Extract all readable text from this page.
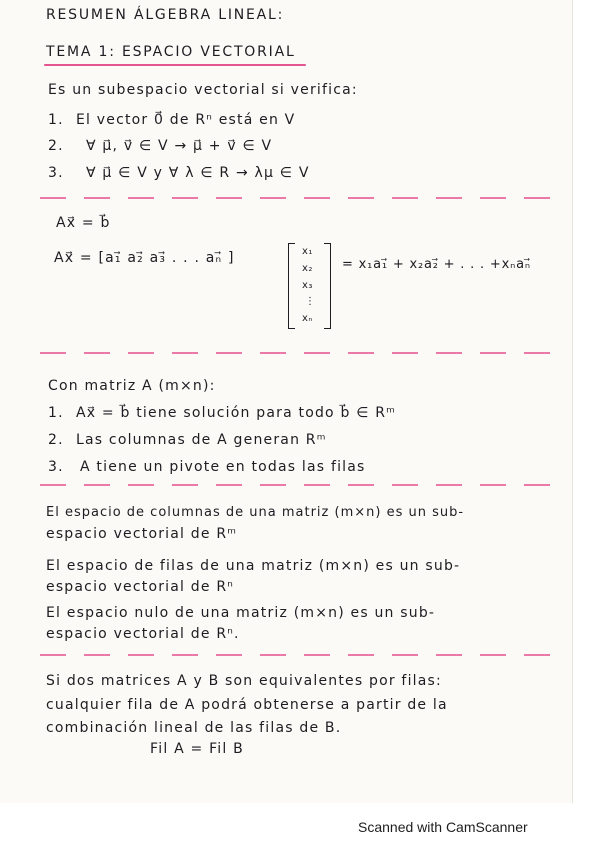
RESUMEN ÁLGEBRA LINEAL:

TEMA 1: ESPACIO VECTORIAL

Es un subespacio vectorial si verifica:

1. El vector 0⃗ de Rⁿ está en V

2. ∀ μ⃗, v⃗ ∈ V → μ⃗ + v⃗ ∈ V

3. ∀ μ⃗ ∈ V y ∀ λ ∈ R → λμ ∈ V

Ax⃗ = b⃗

Ax⃗ = [a₁⃗ a₂⃗ a₃⃗ . . . aₙ⃗ ]	x₁

x₂

x₃

⋮

xₙ

= x₁a₁⃗ + x₂a₂⃗ + . . . +xₙaₙ⃗

Con matriz A (m×n):

1. Ax⃗ = b⃗ tiene solución para todo b⃗ ∈ Rᵐ

2. Las columnas de A generan Rᵐ

3. A tiene un pivote en todas las filas

El espacio de columnas de una matriz (m×n) es un sub-

espacio vectorial de Rᵐ

El espacio de filas de una matriz (m×n) es un sub-

espacio vectorial de Rⁿ

El espacio nulo de una matriz (m×n) es un sub-

espacio vectorial de Rⁿ.

Si dos matrices A y B son equivalentes por filas:

cualquier fila de A podrá obtenerse a partir de la

combinación lineal de las filas de B.

Fil A = Fil B

Scanned with CamScanner
